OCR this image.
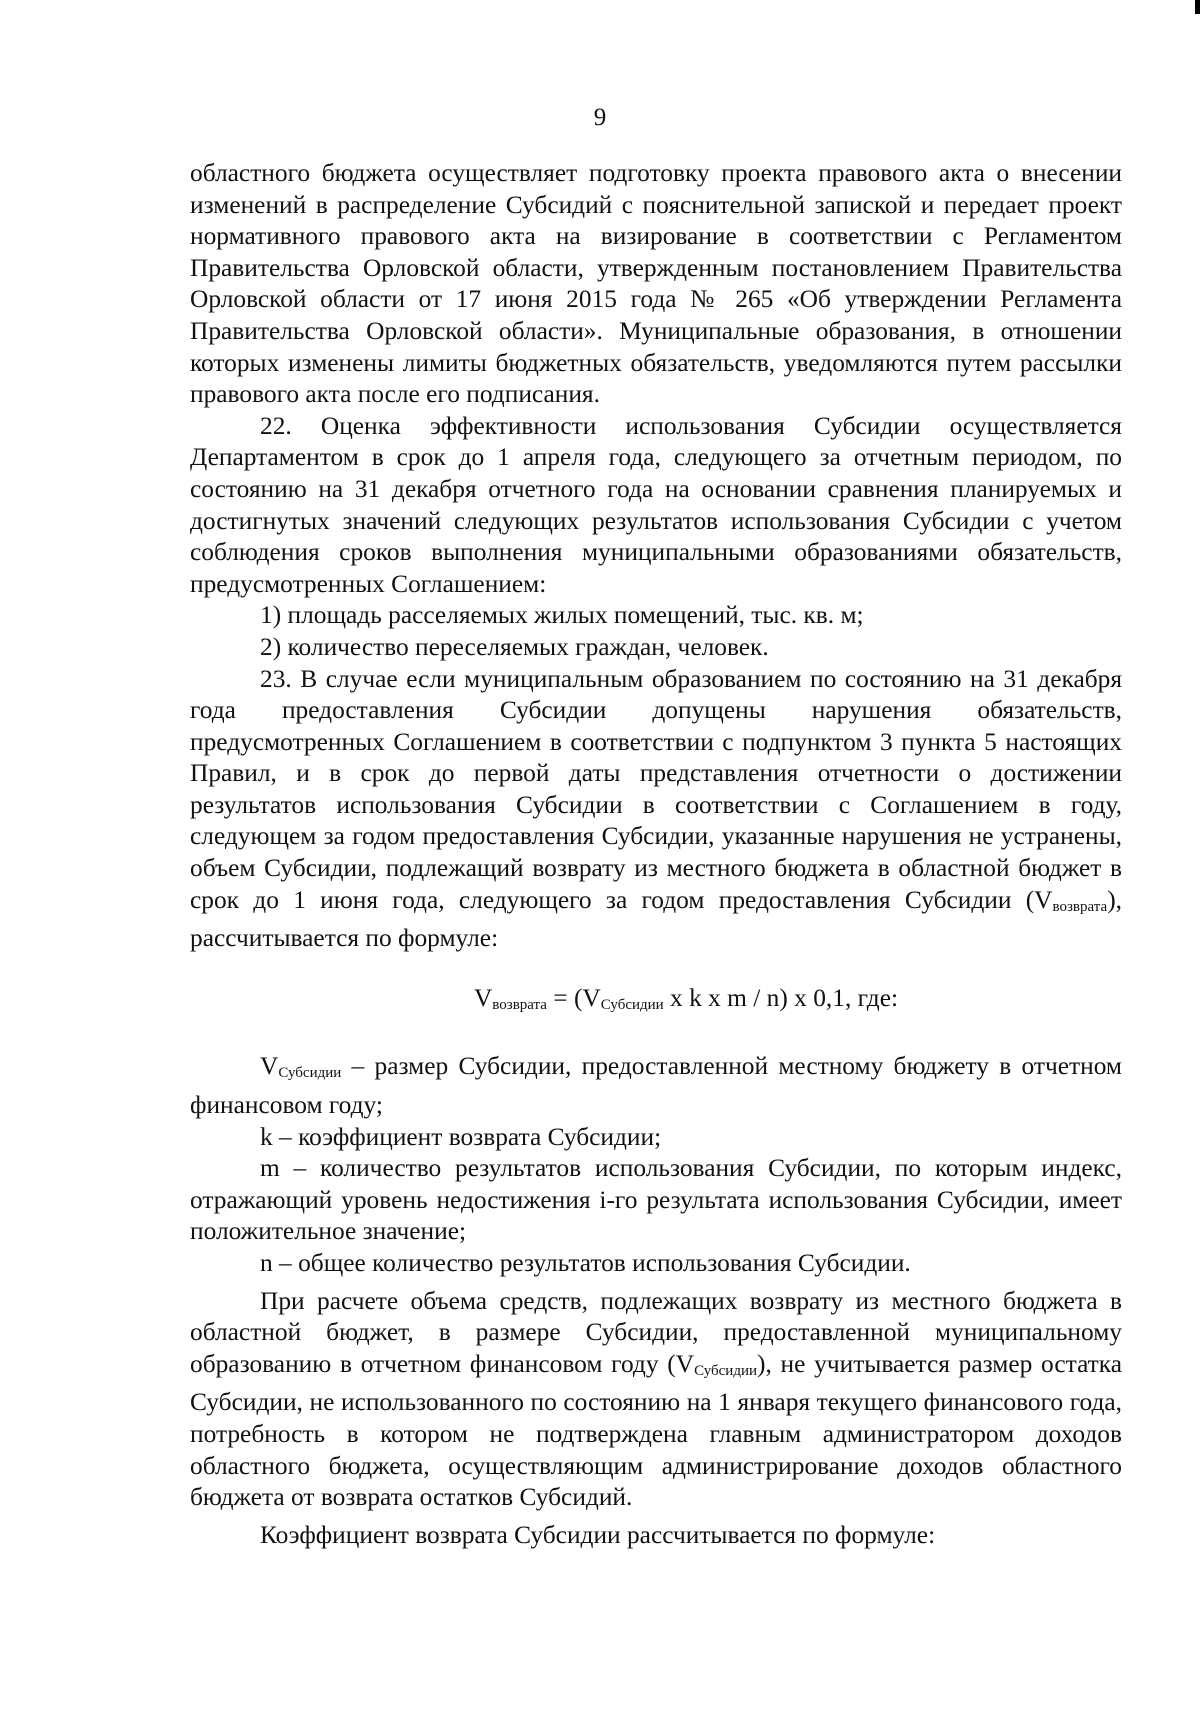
9

областного бюджета осуществляет подготовку проекта правового акта о внесении изменений в распределение Субсидий с пояснительной запиской и передает проект нормативного правового акта на визирование в соответствии с Регламентом Правительства Орловской области, утвержденным постановлением Правительства Орловской области от 17 июня 2015 года № 265 «Об утверждении Регламента Правительства Орловской области». Муниципальные образования, в отношении которых изменены лимиты бюджетных обязательств, уведомляются путем рассылки правового акта после его подписания.

22. Оценка эффективности использования Субсидии осуществляется Департаментом в срок до 1 апреля года, следующего за отчетным периодом, по состоянию на 31 декабря отчетного года на основании сравнения планируемых и достигнутых значений следующих результатов использования Субсидии с учетом соблюдения сроков выполнения муниципальными образованиями обязательств, предусмотренных Соглашением:

1) площадь расселяемых жилых помещений, тыс. кв. м;

2) количество переселяемых граждан, человек.

23. В случае если муниципальным образованием по состоянию на 31 декабря года предоставления Субсидии допущены нарушения обязательств, предусмотренных Соглашением в соответствии с подпунктом 3 пункта 5 настоящих Правил, и в срок до первой даты представления отчетности о достижении результатов использования Субсидии в соответствии с Соглашением в году, следующем за годом предоставления Субсидии, указанные нарушения не устранены, объем Субсидии, подлежащий возврату из местного бюджета в областной бюджет в срок до 1 июня года, следующего за годом предоставления Субсидии $(V_{возврата})$, рассчитывается по формуле:

$V_{возврата} = (V_{Субсидии}$ х k х m / n) х 0,1, где:

$V_{Субсидии}$ – размер Субсидии, предоставленной местному бюджету в отчетном финансовом году;

k – коэффициент возврата Субсидии;

m – количество результатов использования Субсидии, по которым индекс, отражающий уровень недостижения i-го результата использования Субсидии, имеет положительное значение;

n – общее количество результатов использования Субсидии.

При расчете объема средств, подлежащих возврату из местного бюджета в областной бюджет, в размере Субсидии, предоставленной муниципальному образованию в отчетном финансовом году $(V_{Субсидии})$, не учитывается размер остатка Субсидии, не использованного по состоянию на 1 января текущего финансового года, потребность в котором не подтверждена главным администратором доходов областного бюджета, осуществляющим администрирование доходов областного бюджета от возврата остатков Субсидий.

Коэффициент возврата Субсидии рассчитывается по формуле:
